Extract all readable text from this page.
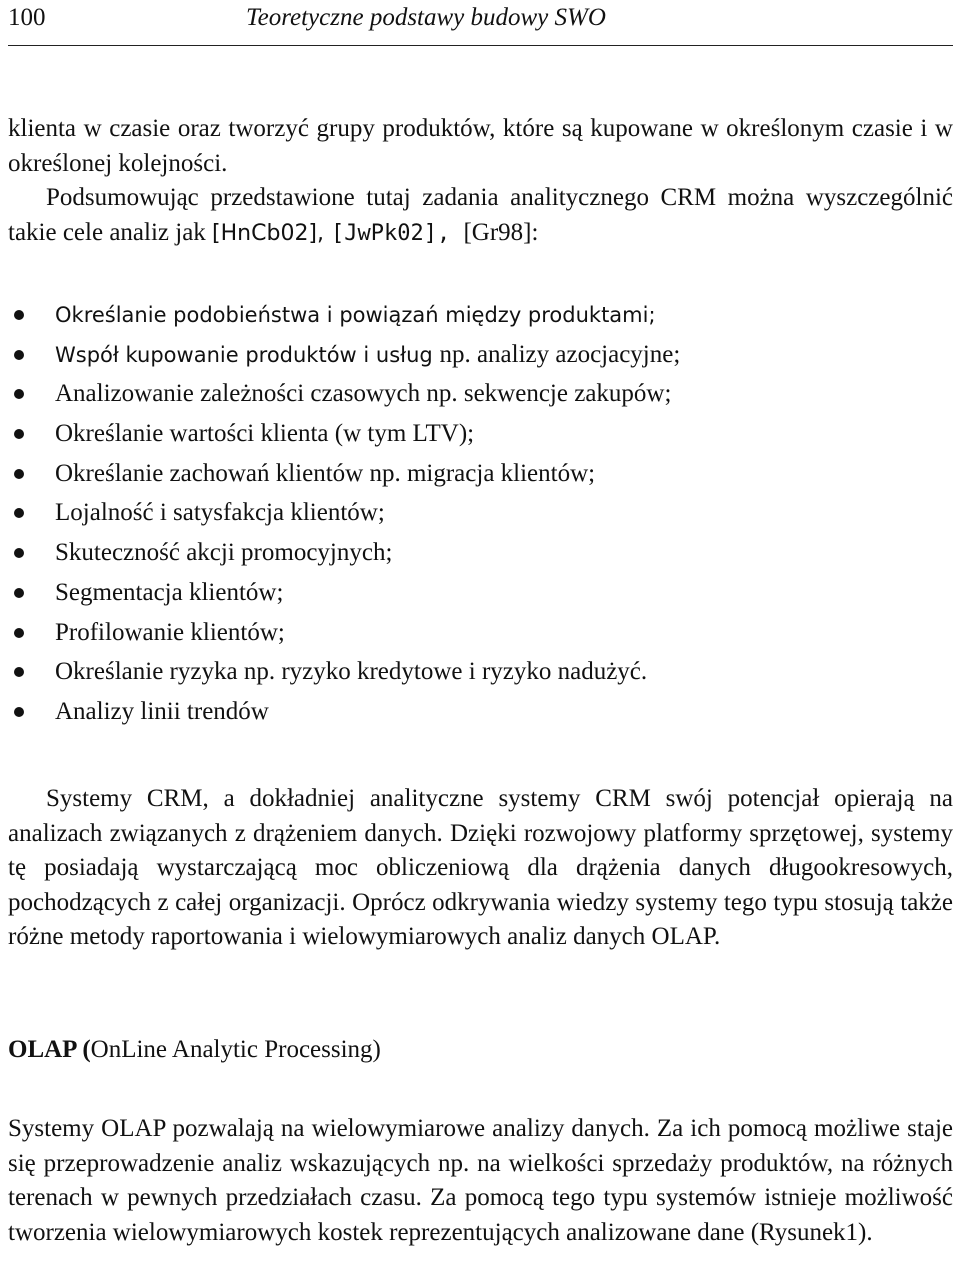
100	Teoretyczne podstawy budowy SWO

klienta w czasie oraz tworzyć grupy produktów, które są kupowane w określonym czasie i w określonej kolejności.
Podsumowując przedstawione tutaj zadania analitycznego CRM można wyszczególnić takie cele analiz jak [HnCb02], [JwPk02], [Gr98]:

Określanie podobieństwa i powiązań między produktami;
Współ kupowanie produktów i usług np. analizy azocjacyjne;
Analizowanie zależności czasowych np. sekwencje zakupów;
Określanie wartości klienta (w tym LTV);
Określanie zachowań klientów np. migracja klientów;
Lojalność i satysfakcja klientów;
Skuteczność akcji promocyjnych;
Segmentacja klientów;
Profilowanie klientów;
Określanie ryzyka np. ryzyko kredytowe i ryzyko nadużyć.
Analizy linii trendów

Systemy CRM, a dokładniej analityczne systemy CRM swój potencjał opierają na analizach związanych z drążeniem danych. Dzięki rozwojowy platformy sprzętowej, systemy tę posiadają wystarczającą moc obliczeniową dla drążenia danych długookresowych, pochodzących z całej organizacji. Oprócz odkrywania wiedzy systemy tego typu stosują także różne metody raportowania i wielowymiarowych analiz danych OLAP.

OLAP (OnLine Analytic Processing)

Systemy OLAP pozwalają na wielowymiarowe analizy danych. Za ich pomocą możliwe staje się przeprowadzenie analiz wskazujących np. na wielkości sprzedaży produktów, na różnych terenach w pewnych przedziałach czasu. Za pomocą tego typu systemów istnieje możliwość tworzenia wielowymiarowych kostek reprezentujących analizowane dane (Rysunek1).
